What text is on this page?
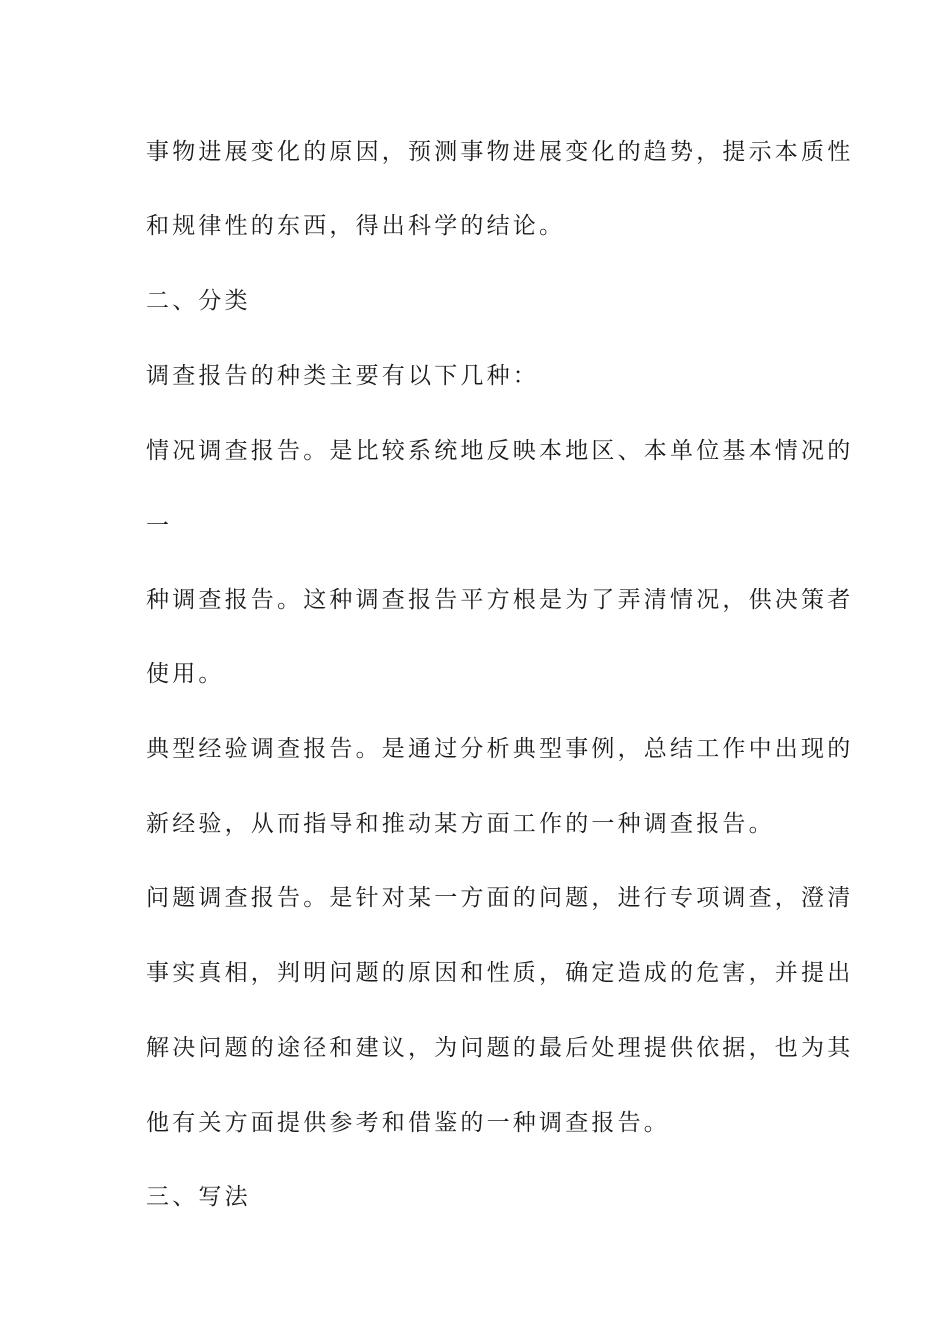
事物进展变化的原因，预测事物进展变化的趋势，提示本质性
和规律性的东西，得出科学的结论。
二、分类
调查报告的种类主要有以下几种：
情况调查报告。是比较系统地反映本地区、本单位基本情况的
一
种调查报告。这种调查报告平方根是为了弄清情况，供决策者
使用。
典型经验调查报告。是通过分析典型事例，总结工作中出现的
新经验，从而指导和推动某方面工作的一种调查报告。
问题调查报告。是针对某一方面的问题，进行专项调查，澄清
事实真相，判明问题的原因和性质，确定造成的危害，并提出
解决问题的途径和建议，为问题的最后处理提供依据，也为其
他有关方面提供参考和借鉴的一种调查报告。
三、写法
